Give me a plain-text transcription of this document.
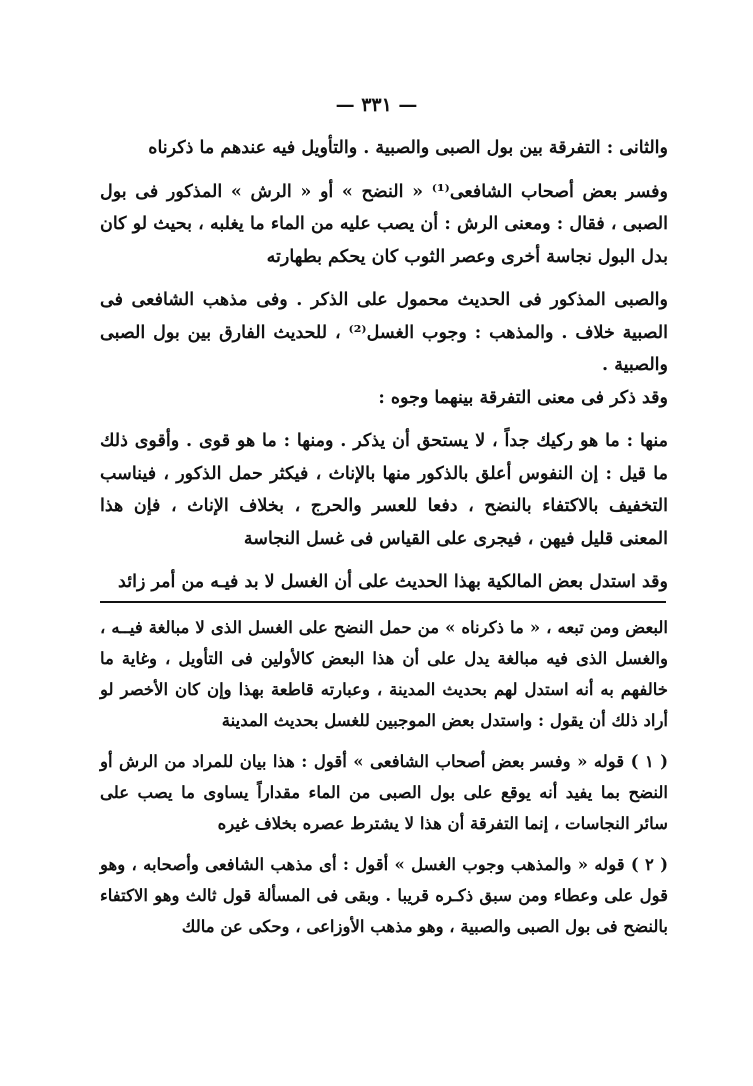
— ٣٣١ —

والثانى : التفرقة بين بول الصبى والصبية . والتأويل فيه عندهم ما ذكرناه

وفسر بعض أصحاب الشافعى⁽¹⁾ « النضح » أو « الرش » المذكور فى بول الصبى ، فقال : ومعنى الرش : أن يصب عليه من الماء ما يغلبه ، بحيث لو كان بدل البول نجاسة أخرى وعصر الثوب كان يحكم بطهارته

والصبى المذكور فى الحديث محمول على الذكر . وفى مذهب الشافعى فى الصبية خلاف . والمذهب : وجوب الغسل⁽²⁾ ، للحديث الفارق بين بول الصبى والصبية .

وقد ذكر فى معنى التفرقة بينهما وجوه :

منها : ما هو ركيك جداً ، لا يستحق أن يذكر . ومنها : ما هو قوى . وأقوى ذلك ما قيل : إن النفوس أعلق بالذكور منها بالإناث ، فيكثر حمل الذكور ، فيناسب التخفيف بالاكتفاء بالنضح ، دفعا للعسر والحرج ، بخلاف الإناث ، فإن هذا المعنى قليل فيهن ، فيجرى على القياس فى غسل النجاسة

وقد استدل بعض المالكية بهذا الحديث على أن الغسل لا بد فيـه من أمر زائد

البعض ومن تبعه ، « ما ذكرناه » من حمل النضح على الغسل الذى لا مبالغة فيــه ، والغسل الذى فيه مبالغة يدل على أن هذا البعض كالأولين فى التأويل ، وغاية ما خالفهم به أنه استدل لهم بحديث المدينة ، وعبارته قاطعة بهذا وإن كان الأخصر لو أراد ذلك أن يقول : واستدل بعض الموجبين للغسل بحديث المدينة

( ١ ) قوله « وفسر بعض أصحاب الشافعى » أقول : هذا بيان للمراد من الرش أو النضح بما يفيد أنه يوقع على بول الصبى من الماء مقداراً يساوى ما يصب على سائر النجاسات ، إنما التفرقة أن هذا لا يشترط عصره بخلاف غيره

( ٢ ) قوله « والمذهب وجوب الغسل » أقول : أى مذهب الشافعى وأصحابه ، وهو قول على وعطاء ومن سبق ذكـره قريبا . وبقى فى المسألة قول ثالث وهو الاكتفاء بالنضح فى بول الصبى والصبية ، وهو مذهب الأوزاعى ، وحكى عن مالك
